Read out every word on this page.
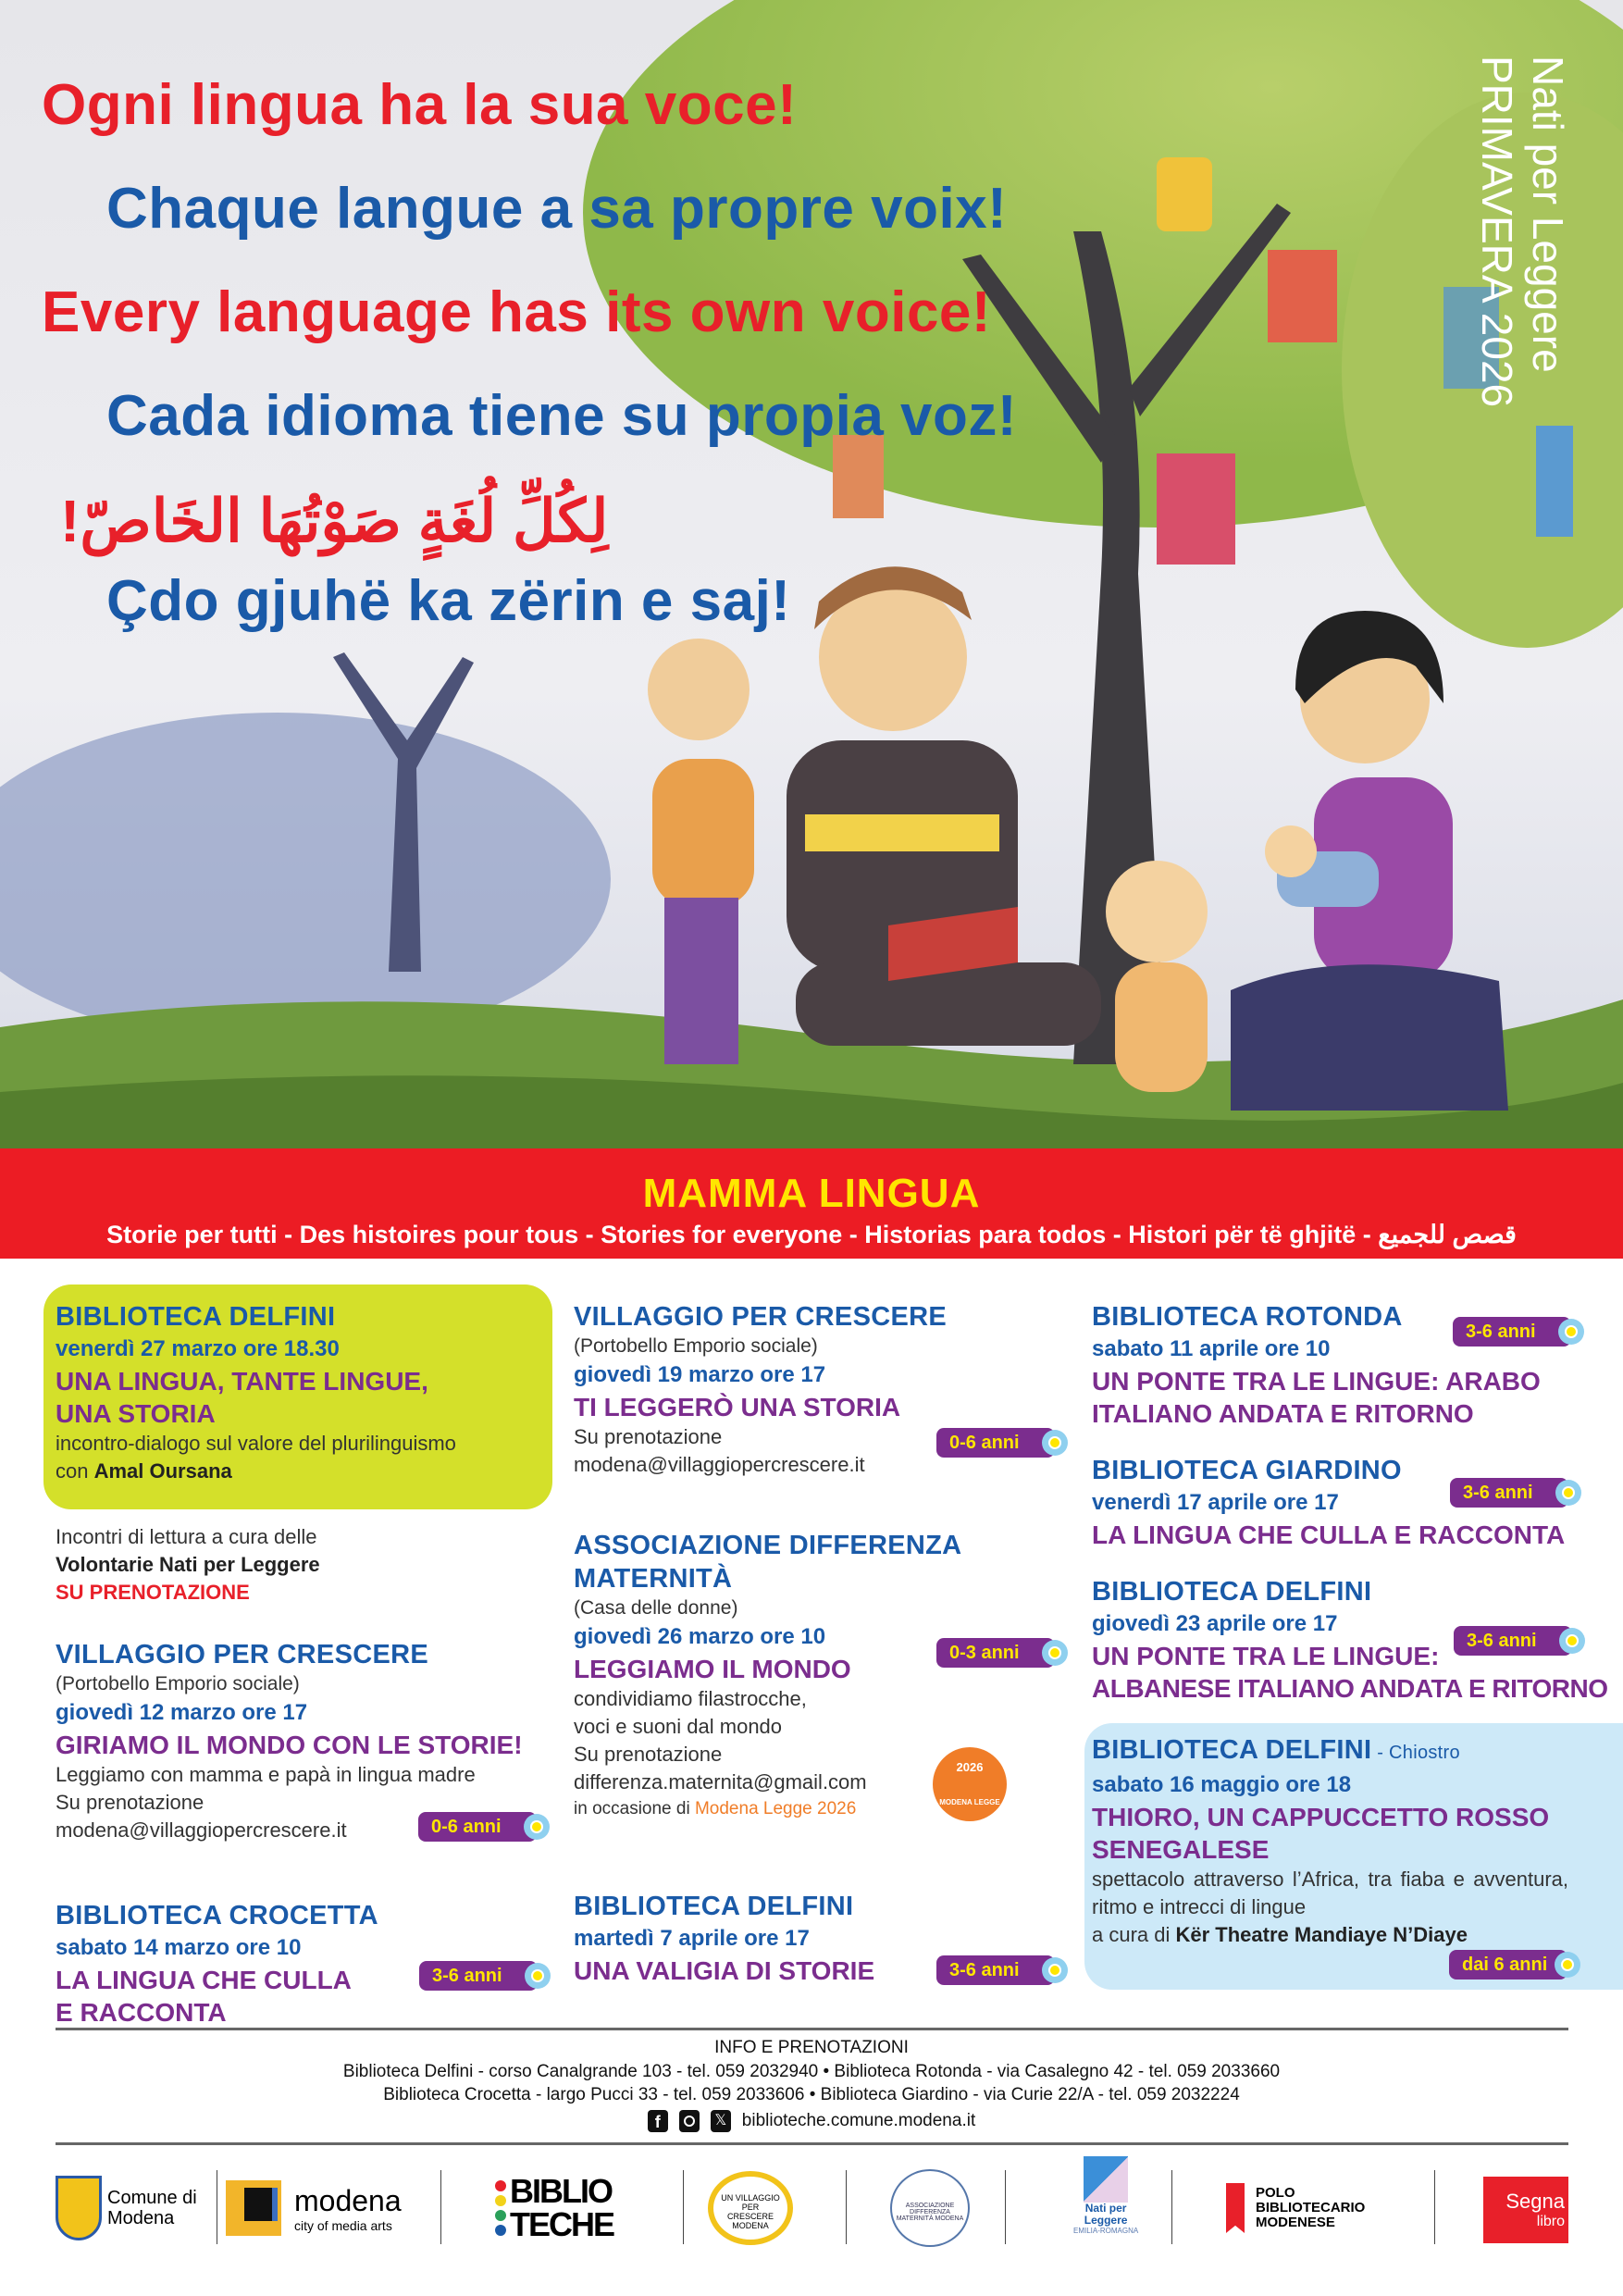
Ogni lingua ha la sua voce!
Chaque langue a sa propre voix!
Every language has its own voice!
Cada idioma tiene su propia voz!
لِكُلِّ لُغَةٍ صَوْتُهَا الخَاصّ!
Çdo gjuhë ka zërin e saj!
Nati per Leggere
PRIMAVERA 2026
MAMMA LINGUA
Storie per tutti - Des histoires pour tous - Stories for everyone - Historias para todos - Histori për të ghjitë - قصص للجميع
BIBLIOTECA DELFINI
venerdì 27 marzo ore 18.30
UNA LINGUA, TANTE LINGUE,
UNA STORIA
incontro-dialogo sul valore del plurilinguismo
con Amal Oursana
Incontri di lettura a cura delle
Volontarie Nati per Leggere
SU PRENOTAZIONE
VILLAGGIO PER CRESCERE
(Portobello Emporio sociale)
giovedì 12 marzo ore 17
GIRIAMO IL MONDO CON LE STORIE!
Leggiamo con mamma e papà in lingua madre
Su prenotazione
modena@villaggiopercrescere.it	0-6 anni
BIBLIOTECA CROCETTA
sabato 14 marzo ore 10
LA LINGUA CHE CULLA
E RACCONTA
3-6 anni
VILLAGGIO PER CRESCERE
(Portobello Emporio sociale)
giovedì 19 marzo ore 17
TI LEGGERÒ UNA STORIA
Su prenotazione
modena@villaggiopercrescere.it
0-6 anni
ASSOCIAZIONE DIFFERENZA
MATERNITÀ
(Casa delle donne)
giovedì 26 marzo ore 10
LEGGIAMO IL MONDO
condividiamo filastrocche,
voci e suoni dal mondo
Su prenotazione
differenza.maternita@gmail.com
in occasione di Modena Legge 2026
0-3 anni
2026
MODENA LEGGE
BIBLIOTECA DELFINI
martedì 7 aprile ore 17
UNA VALIGIA DI STORIE	3-6 anni
BIBLIOTECA ROTONDA
sabato 11 aprile ore 10
UN PONTE TRA LE LINGUE: ARABO
ITALIANO ANDATA E RITORNO
3-6 anni
BIBLIOTECA GIARDINO
venerdì 17 aprile ore 17
LA LINGUA CHE CULLA E RACCONTA
3-6 anni
BIBLIOTECA DELFINI
giovedì 23 aprile ore 17
UN PONTE TRA LE LINGUE:
ALBANESE ITALIANO ANDATA E RITORNO
3-6 anni
BIBLIOTECA DELFINI - Chiostro
sabato 16 maggio ore 18
THIORO, UN CAPPUCCETTO ROSSO
SENEGALESE
spettacolo attraverso l’Africa, tra fiaba e avventura, ritmo e intrecci di lingue
a cura di Kër Theatre Mandiaye N’Diaye
dai 6 anni
INFO E PRENOTAZIONI
Biblioteca Delfini - corso Canalgrande 103 - tel. 059 2032940 • Biblioteca Rotonda - via Casalegno 42 - tel. 059 2033660
Biblioteca Crocetta - largo Pucci 33 - tel. 059 2033606 • Biblioteca Giardino - via Curie 22/A - tel. 059 2032224
f	𝕏 biblioteche.comune.modena.it
Comune di Modena
modena
city of media arts
BIBLIO
TECHE
UN VILLAGGIO PER CRESCERE MODENA
ASSOCIAZIONE DIFFERENZA MATERNITÀ MODENA
Nati per
Leggere
EMILIA-ROMAGNA
POLO
BIBLIOTECARIO
MODENESE
Segna
libro
